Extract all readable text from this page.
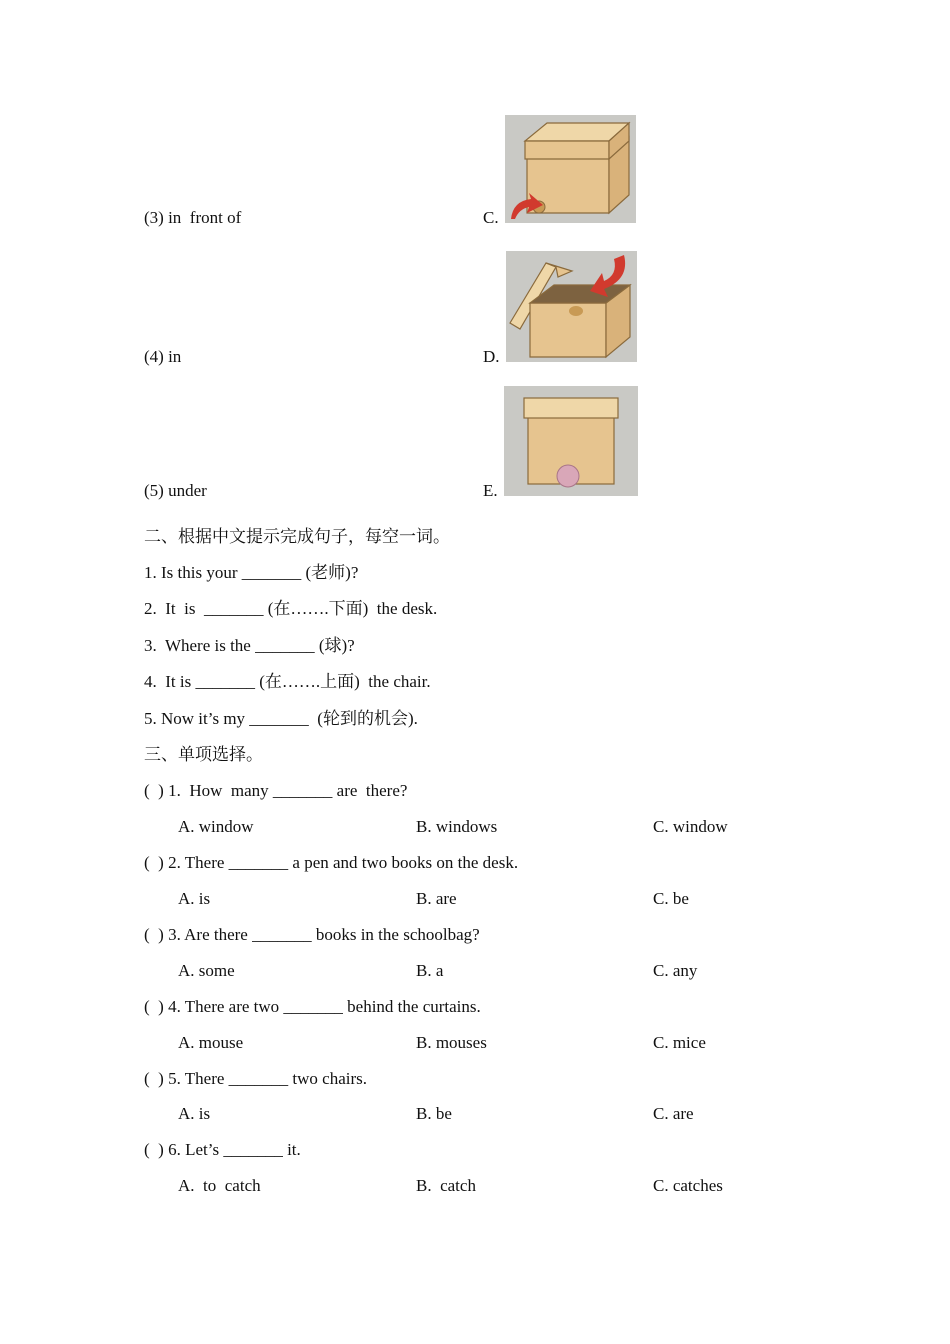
(3) in  front of	C.
(4) in	D.
(5) under	E.
二、根据中文提示完成句子，每空一词。
1. Is this your _______ (老师)?
2.  It  is  _______ (在…….下面)  the desk.
3.  Where is the _______ (球)?
4.  It is _______ (在…….上面)  the chair.
5. Now it’s my _______  (轮到的机会).
三、单项选择。
(  ) 1.  How  many _______ are  there?
A. window	B. windows	C. window
(  ) 2. There _______ a pen and two books on the desk.
A. is	B. are	C. be
(  ) 3. Are there _______ books in the schoolbag?
A. some	B. a	C. any
(  ) 4. There are two _______ behind the curtains.
A. mouse	B. mouses	C. mice
(  ) 5. There _______ two chairs.
A. is	B. be	C. are
(  ) 6. Let’s _______ it.
A.  to  catch	B.  catch	C. catches
